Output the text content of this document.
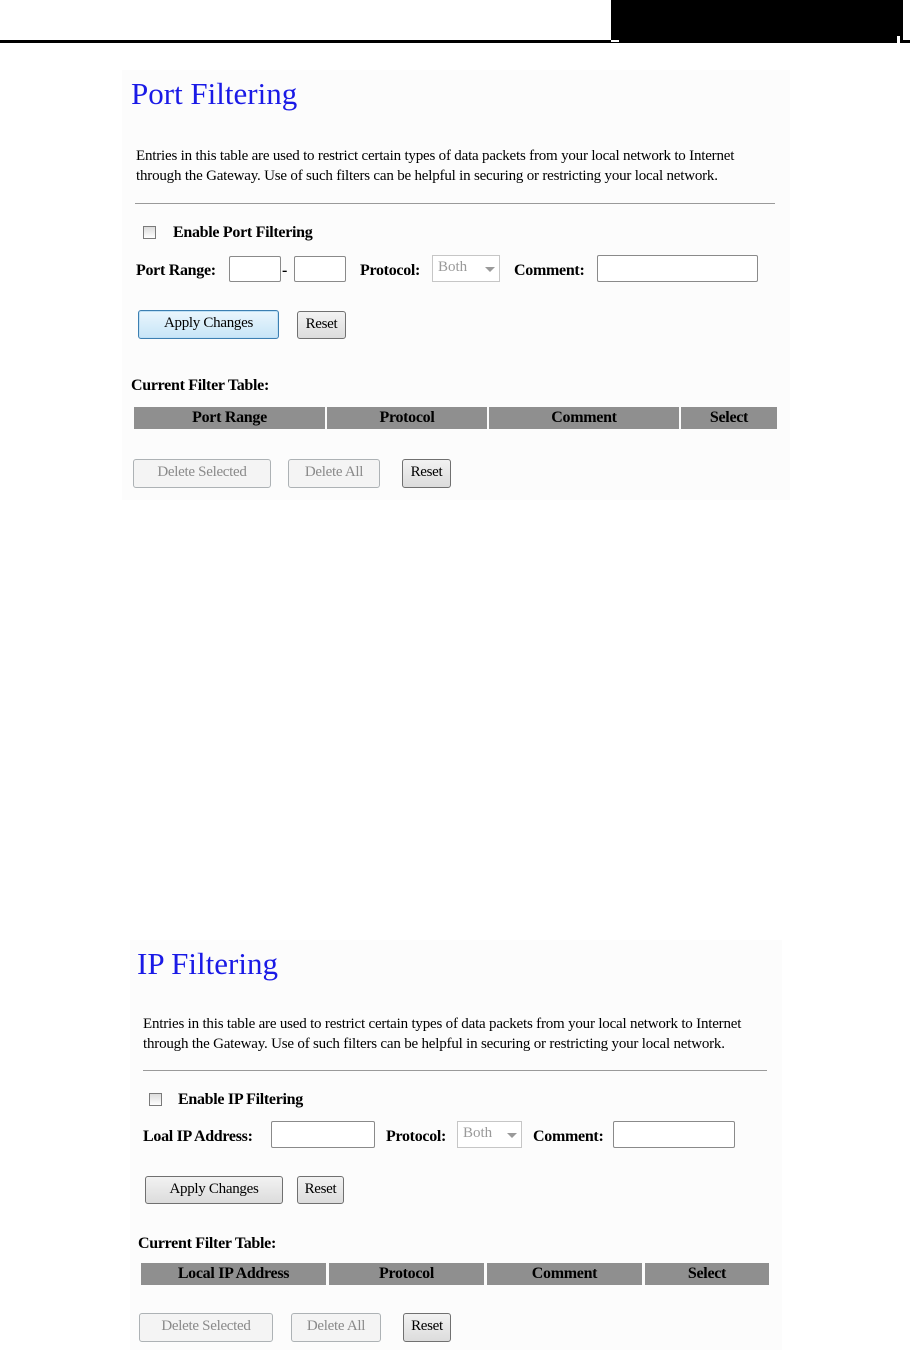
Port Filtering
Entries in this table are used to restrict certain types of data packets from your local network to Internet
through the Gateway. Use of such filters can be helpful in securing or restricting your local network.
Enable Port Filtering
Port Range:	-	Protocol: Both	Comment:
Apply Changes	Reset
Current Filter Table:
Port Range	Protocol	Comment	Select
Delete Selected	Delete All	Reset
IP Filtering
Entries in this table are used to restrict certain types of data packets from your local network to Internet
through the Gateway. Use of such filters can be helpful in securing or restricting your local network.
Enable IP Filtering
Loal IP Address:	Protocol: Both	Comment:
Apply Changes	Reset
Current Filter Table:
Local IP Address	Protocol	Comment	Select
Delete Selected	Delete All	Reset
